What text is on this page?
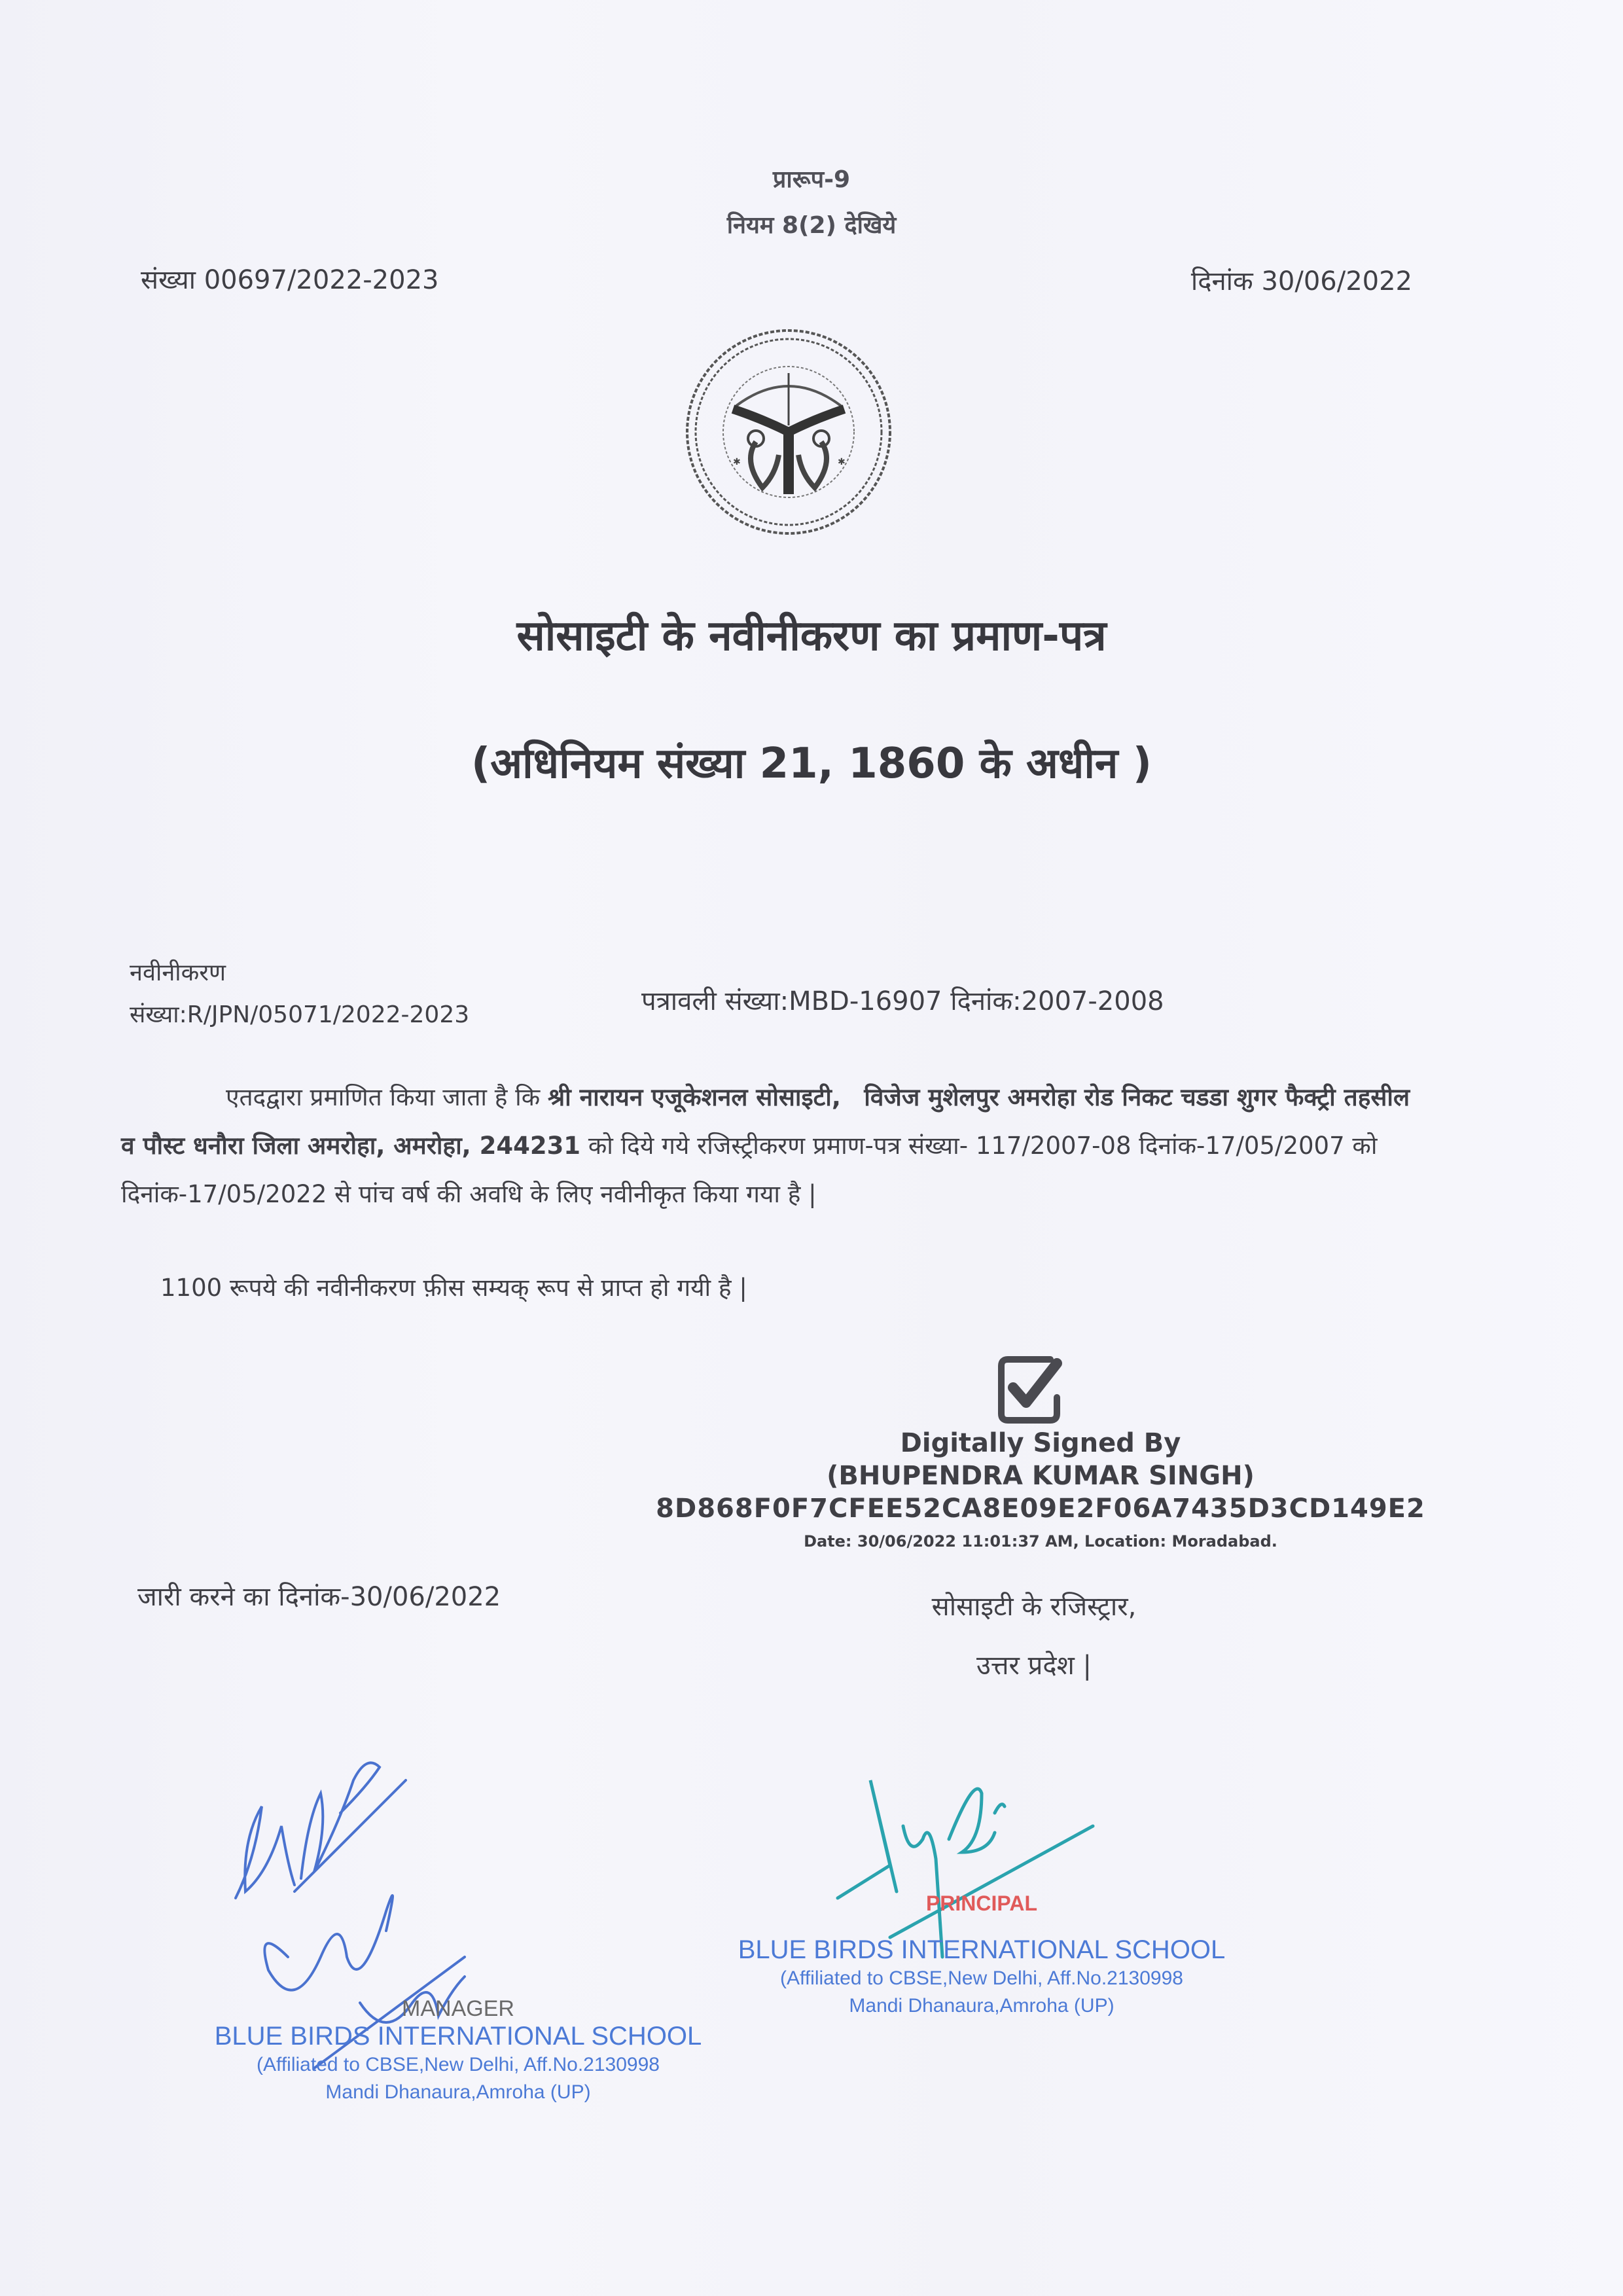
प्रारूप-9
नियम 8(2) देखिये
संख्या 00697/2022-2023	दिनांक 30/06/2022
✱	✱
सोसाइटी के नवीनीकरण का प्रमाण-पत्र
(अधिनियम संख्या 21, 1860 के अधीन )
नवीनीकरण
संख्या:R/JPN/05071/2022-2023	पत्रावली संख्या:MBD-16907 दिनांक:2007-2008
एतदद्वारा प्रमाणित किया जाता है कि श्री नारायन एजूकेशनल सोसाइटी, विजेज मुशेलपुर अमरोहा रोड निकट चडडा शुगर फैक्ट्री तहसील व पौस्ट धनौरा जिला अमरोहा, अमरोहा, 244231 को दिये गये रजिस्ट्रीकरण प्रमाण-पत्र संख्या- 117/2007-08 दिनांक-17/05/2007 को दिनांक-17/05/2022 से पांच वर्ष की अवधि के लिए नवीनीकृत किया गया है |
1100 रूपये की नवीनीकरण फ़ीस सम्यक् रूप से प्राप्त हो गयी है |
Digitally Signed By
(BHUPENDRA KUMAR SINGH)
8D868F0F7CFEE52CA8E09E2F06A7435D3CD149E2
Date: 30/06/2022 11:01:37 AM, Location: Moradabad.
जारी करने का दिनांक-30/06/2022	सोसाइटी के रजिस्ट्रार,
उत्तर प्रदेश |
MANAGER
BLUE BIRDS INTERNATIONAL SCHOOL
(Affiliated to CBSE,New Delhi, Aff.No.2130998
Mandi Dhanaura,Amroha (UP)
PRINCIPAL
BLUE BIRDS INTERNATIONAL SCHOOL
(Affiliated to CBSE,New Delhi, Aff.No.2130998
Mandi Dhanaura,Amroha (UP)
